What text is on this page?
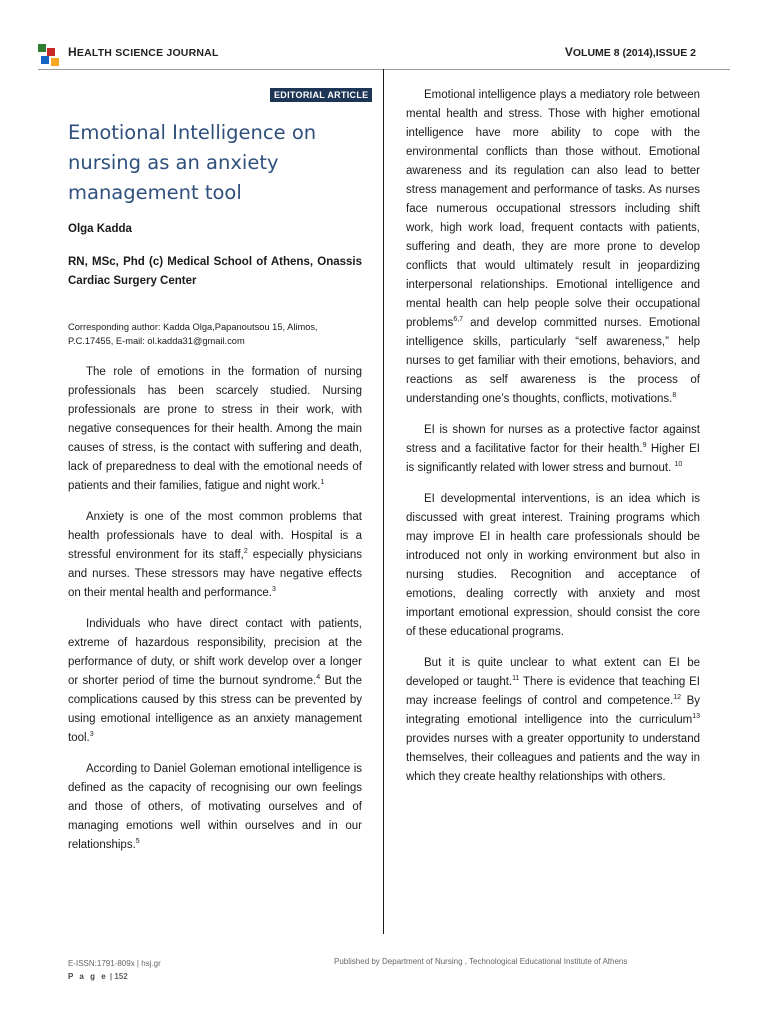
HEALTH SCIENCE JOURNAL	VOLUME 8 (2014),ISSUE 2
EDITORIAL ARTICLE
Emotional Intelligence on nursing as an anxiety management tool
Olga Kadda
RN, MSc, Phd (c) Medical School of Athens, Onassis Cardiac Surgery Center
Corresponding author: Kadda Olga,Papanoutsou 15, Alimos, P.C.17455, E-mail: ol.kadda31@gmail.com

The role of emotions in the formation of nursing professionals has been scarcely studied. Nursing professionals are prone to stress in their work, with negative consequences for their health. Among the main causes of stress, is the contact with suffering and death, lack of preparedness to deal with the emotional needs of patients and their families, fatigue and night work.$^1$

Anxiety is one of the most common problems that health professionals have to deal with. Hospital is a stressful environment for its staff,$^2$ especially physicians and nurses. These stressors may have negative effects on their mental health and performance.$^3$

Individuals who have direct contact with patients, extreme of hazardous responsibility, precision at the performance of duty, or shift work develop over a longer or shorter period of time the burnout syndrome.$^4$ But the complications caused by this stress can be prevented by using emotional intelligence as an anxiety management tool.$^3$

According to Daniel Goleman emotional intelligence is defined as the capacity of recognising our own feelings and those of others, of motivating ourselves and of managing emotions well within ourselves and in our relationships.$^5$

Emotional intelligence plays a mediatory role between mental health and stress. Those with higher emotional intelligence have more ability to cope with the environmental conflicts than those without. Emotional awareness and its regulation can also lead to better stress management and performance of tasks. As nurses face numerous occupational stressors including shift work, high work load, frequent contacts with patients, suffering and death, they are more prone to develop conflicts that would ultimately result in jeopardizing interpersonal relationships. Emotional intelligence and mental health can help people solve their occupational problems$^{6,7}$ and develop committed nurses. Emotional intelligence skills, particularly “self awareness,” help nurses to get familiar with their emotions, behaviors, and reactions as self awareness is the process of understanding one’s thoughts, conflicts, motivations.$^8$

EI is shown for nurses as a protective factor against stress and a facilitative factor for their health.$^9$ Higher EI is significantly related with lower stress and burnout. $^{10}$

EI developmental interventions, is an idea which is discussed with great interest. Training programs which may improve EI in health care professionals should be introduced not only in working environment but also in nursing studies. Recognition and acceptance of emotions, dealing correctly with anxiety and most important emotional expression, should consist the core of these educational programs.

But it is quite unclear to what extent can EI be developed or taught.$^{11}$ There is evidence that teaching EI may increase feelings of control and competence.$^{12}$ By integrating emotional intelligence into the curriculum$^{13}$ provides nurses with a greater opportunity to understand themselves, their colleagues and patients and the way in which they create healthy relationships with others.

E-ISSN:1791-809x | hsj.gr
P a g e | 152
Published by Department of Nursing , Technological Educational Institute of Athens
